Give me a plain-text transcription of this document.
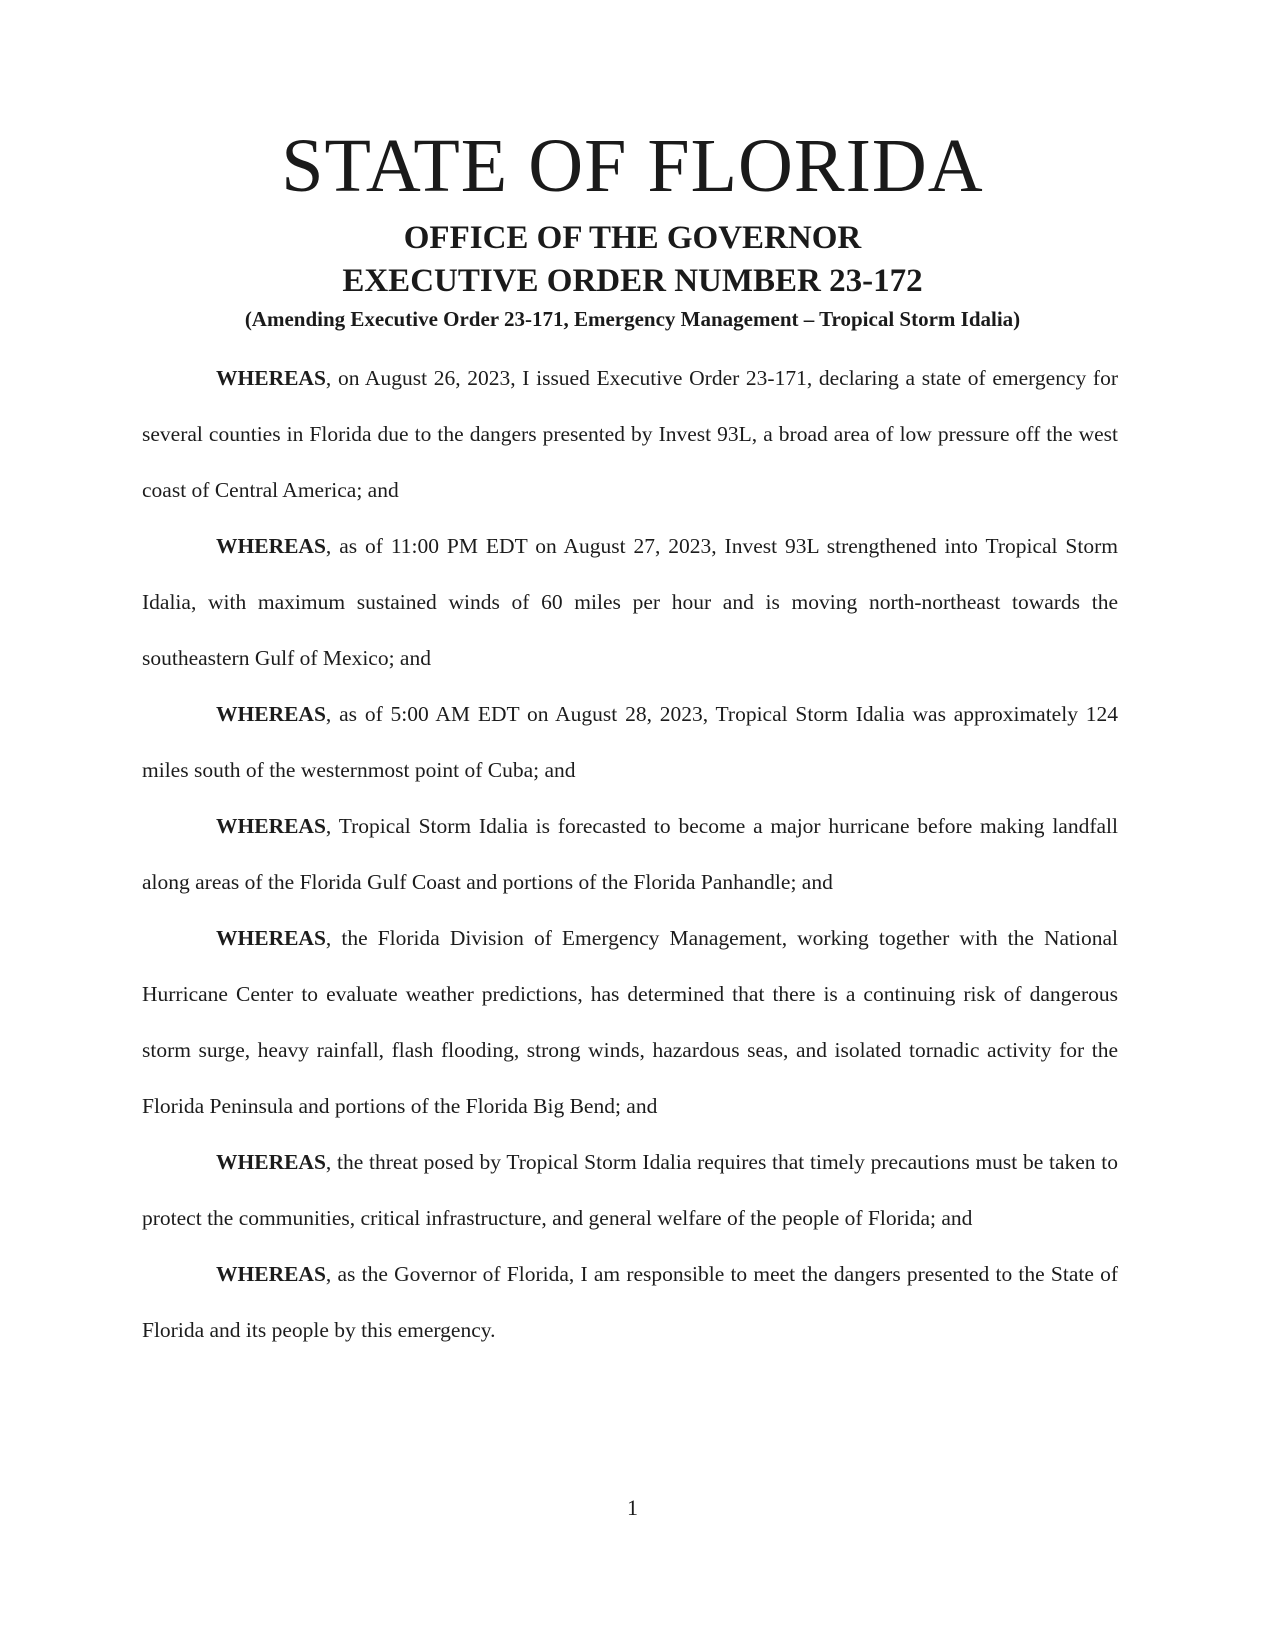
STATE OF FLORIDA
OFFICE OF THE GOVERNOR
EXECUTIVE ORDER NUMBER 23-172
(Amending Executive Order 23-171, Emergency Management – Tropical Storm Idalia)

WHEREAS, on August 26, 2023, I issued Executive Order 23-171, declaring a state of emergency for several counties in Florida due to the dangers presented by Invest 93L, a broad area of low pressure off the west coast of Central America; and

WHEREAS, as of 11:00 PM EDT on August 27, 2023, Invest 93L strengthened into Tropical Storm Idalia, with maximum sustained winds of 60 miles per hour and is moving north-northeast towards the southeastern Gulf of Mexico; and

WHEREAS, as of 5:00 AM EDT on August 28, 2023, Tropical Storm Idalia was approximately 124 miles south of the westernmost point of Cuba; and

WHEREAS, Tropical Storm Idalia is forecasted to become a major hurricane before making landfall along areas of the Florida Gulf Coast and portions of the Florida Panhandle; and

WHEREAS, the Florida Division of Emergency Management, working together with the National Hurricane Center to evaluate weather predictions, has determined that there is a continuing risk of dangerous storm surge, heavy rainfall, flash flooding, strong winds, hazardous seas, and isolated tornadic activity for the Florida Peninsula and portions of the Florida Big Bend; and

WHEREAS, the threat posed by Tropical Storm Idalia requires that timely precautions must be taken to protect the communities, critical infrastructure, and general welfare of the people of Florida; and

WHEREAS, as the Governor of Florida, I am responsible to meet the dangers presented to the State of Florida and its people by this emergency.

1
